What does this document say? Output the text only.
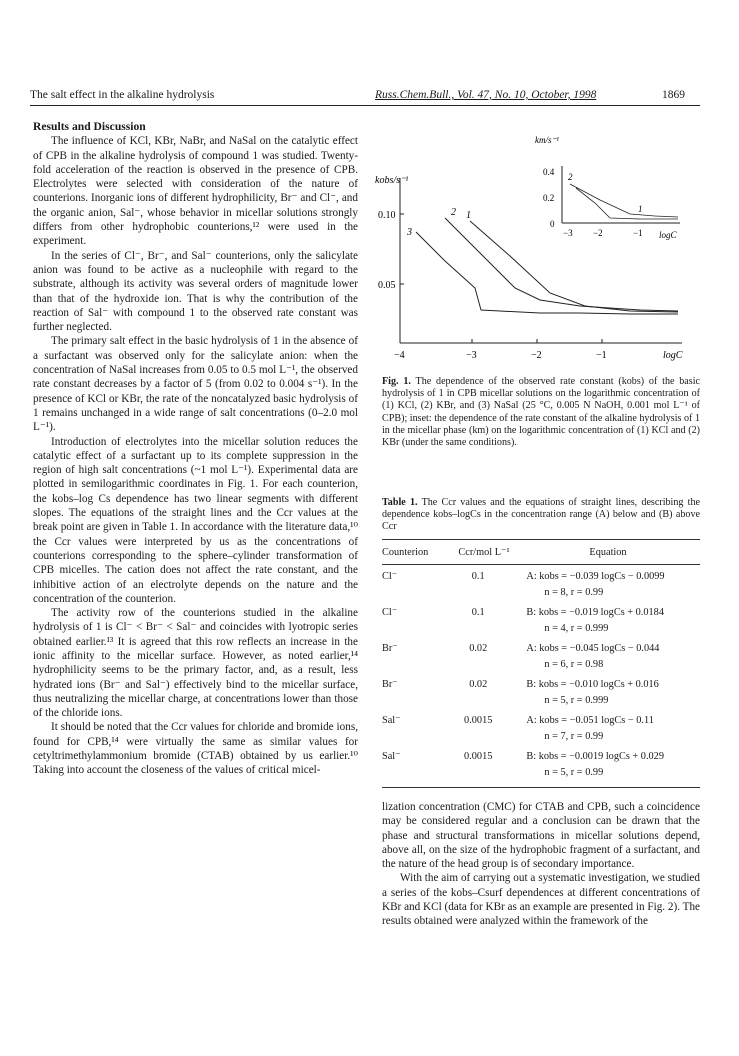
The salt effect in the alkaline hydrolysis	Russ.Chem.Bull., Vol. 47, No. 10, October, 1998	1869

Results and Discussion

The influence of KCl, KBr, NaBr, and NaSal on the catalytic effect of CPB in the alkaline hydrolysis of compound 1 was studied. Twenty-fold acceleration of the reaction is observed in the presence of CPB. Electrolytes were selected with consideration of the nature of counterions. Inorganic ions of different hydrophilicity, Br⁻ and Cl⁻, and the organic anion, Sal⁻, whose behavior in micellar solutions strongly differs from other hydrophobic counterions,¹² were used in the experiment.

In the series of Cl⁻, Br⁻, and Sal⁻ counterions, only the salicylate anion was found to be active as a nucleophile with regard to the substrate, although its activity was several orders of magnitude lower than that of the hydroxide ion. That is why the contribution of the reaction of Sal⁻ with compound 1 to the observed rate constant was further neglected.

The primary salt effect in the basic hydrolysis of 1 in the absence of a surfactant was observed only for the salicylate anion: when the concentration of NaSal increases from 0.05 to 0.5 mol L⁻¹, the observed rate constant decreases by a factor of 5 (from 0.02 to 0.004 s⁻¹). In the presence of KCl or KBr, the rate of the noncatalyzed basic hydrolysis of 1 remains unchanged in a wide range of salt concentrations (0–2.0 mol L⁻¹).

Introduction of electrolytes into the micellar solution reduces the catalytic effect of a surfactant up to its complete suppression in the region of high salt concentrations (~1 mol L⁻¹). Experimental data are plotted in semilogarithmic coordinates in Fig. 1. For each counterion, the kobs–log Cs dependence has two linear segments with different slopes. The equations of the straight lines and the Ccr values at the break point are given in Table 1. In accordance with the literature data,¹⁰ the Ccr values were interpreted by us as the concentrations of counterions corresponding to the sphere–cylinder transformation of CPB micelles. The cation does not affect the rate constant, and the inhibitive action of an electrolyte depends on the nature and the concentration of the counterion.

The activity row of the counterions studied in the alkaline hydrolysis of 1 is Cl⁻ < Br⁻ < Sal⁻ and coincides with lyotropic series obtained earlier.¹³ It is agreed that this row reflects an increase in the ionic affinity to the micellar surface. However, as noted earlier,¹⁴ hydrophilicity seems to be the primary factor, and, as a result, less hydrated ions (Br⁻ and Sal⁻) effectively bind to the micellar surface, thus neutralizing the micellar charge, at concentrations lower than those of the chloride ions.

It should be noted that the Ccr values for chloride and bromide ions, found for CPB,¹⁴ were virtually the same as similar values for cetyltrimethylammonium bromide (CTAB) obtained by us earlier.¹⁰ Taking into account the closeness of the values of critical micel-

0.10
0.05
kobs/s⁻¹
−4	−3	−2	−1	logC
2 1
3
km/s⁻¹
0.4
0.2
0
−3 −2	−1 logC
1
2
Fig. 1. The dependence of the observed rate constant (kobs) of the basic hydrolysis of 1 in CPB micellar solutions on the logarithmic concentration of (1) KCl, (2) KBr, and (3) NaSal (25 °C, 0.005 N NaOH, 0.001 mol L⁻¹ of CPB); inset: the dependence of the rate constant of the alkaline hydrolysis of 1 in the micellar phase (km) on the logarithmic concentration of (1) KCl and (2) KBr (under the same conditions).
Table 1. The Ccr values and the equations of straight lines, describing the dependence kobs–logCs in the concentration range (A) below and (B) above Ccr
Counterion	Ccr/mol L⁻¹	Equation
Cl⁻	0.1	A: kobs = −0.039 logCs − 0.0099
n = 8, r = 0.99
Cl⁻	0.1	B: kobs = −0.019 logCs + 0.0184
n = 4, r = 0.999
Br⁻	0.02	A: kobs = −0.045 logCs − 0.044
n = 6, r = 0.98
Br⁻	0.02	B: kobs = −0.010 logCs + 0.016
n = 5, r = 0.999
Sal⁻	0.0015	A: kobs = −0.051 logCs − 0.11
n = 7, r = 0.99
Sal⁻	0.0015	B: kobs = −0.0019 logCs + 0.029
n = 5, r = 0.99

lization concentration (CMC) for CTAB and CPB, such a coincidence may be considered regular and a conclusion can be drawn that the phase and structural transformations in micellar solutions depend, above all, on the size of the hydrophobic fragment of a surfactant, and the nature of the head group is of secondary importance.

With the aim of carrying out a systematic investigation, we studied a series of the kobs–Csurf dependences at different concentrations of KBr and KCl (data for KBr as an example are presented in Fig. 2). The results obtained were analyzed within the framework of the
